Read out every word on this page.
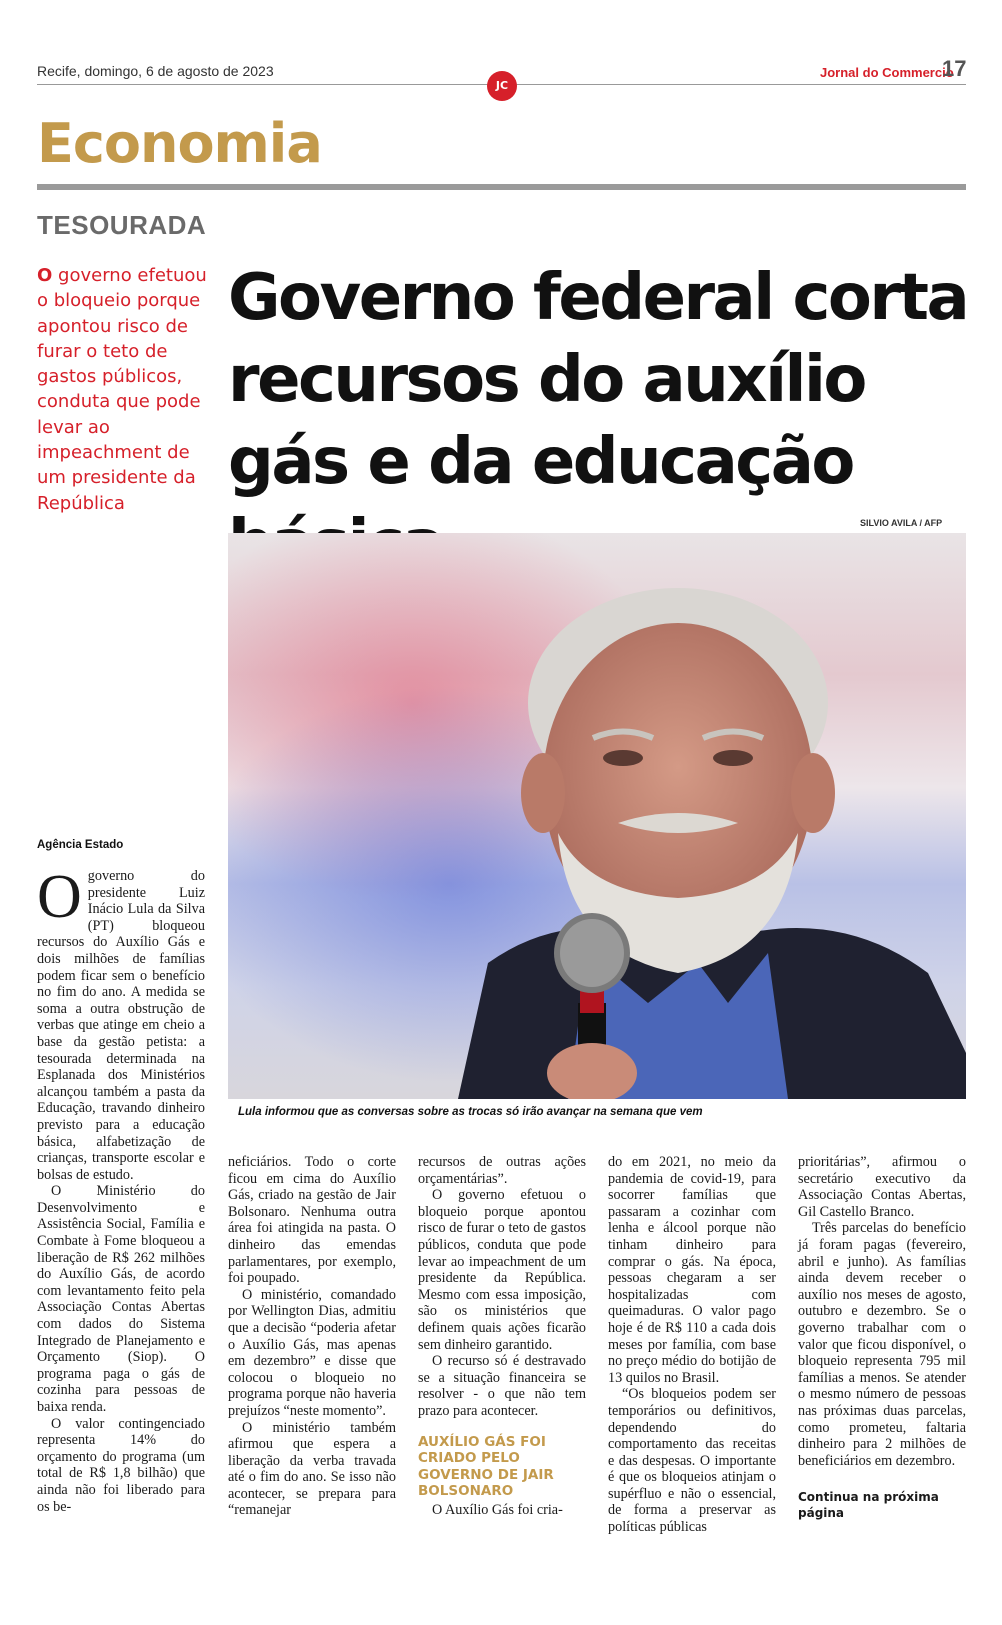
Recife, domingo, 6 de agosto de 2023
JC
Jornal do Commercio
17
Economia
TESOURADA
O governo efetuou o bloqueio porque apontou risco de furar o teto de gastos públicos, conduta que pode levar ao impeachment de um presidente da República
Governo federal corta recursos do auxílio gás e da educação
SILVIO AVILA / AFP
Lula informou que as conversas sobre as trocas só irão avançar na semana que vem
Agência Estado

Ogoverno do presidente Luiz Inácio Lula da Silva (PT) bloqueou recursos do Auxílio Gás e dois milhões de famílias podem ficar sem o benefício no fim do ano. A medida se soma a outra obstrução de verbas que atinge em cheio a base da gestão petista: a tesourada determinada na Esplanada dos Ministérios alcançou também a pasta da Educação, travando dinheiro previsto para a educação básica, alfabetização de crianças, transporte escolar e bolsas de estudo.

O Ministério do Desenvolvimento e Assistência Social, Família e Combate à Fome bloqueou a liberação de R$ 262 milhões do Auxílio Gás, de acordo com levantamento feito pela Associação Contas Abertas com dados do Sistema Integrado de Planejamento e Orçamento (Siop). O programa paga o gás de cozinha para pessoas de baixa renda.

O valor contingenciado representa 14% do orçamento do programa (um total de R$ 1,8 bilhão) que ainda não foi liberado para os be-

neficiários. Todo o corte ficou em cima do Auxílio Gás, criado na gestão de Jair Bolsonaro. Nenhuma outra área foi atingida na pasta. O dinheiro das emendas parlamentares, por exemplo, foi poupado.

O ministério, comandado por Wellington Dias, admitiu que a decisão “poderia afetar o Auxílio Gás, mas apenas em dezembro” e disse que colocou o bloqueio no programa porque não haveria prejuízos “neste momento”.

O ministério também afirmou que espera a liberação da verba travada até o fim do ano. Se isso não acontecer, se prepara para “remanejar

recursos de outras ações orçamentárias”.

O governo efetuou o bloqueio porque apontou risco de furar o teto de gastos públicos, conduta que pode levar ao impeachment de um presidente da República. Mesmo com essa imposição, são os ministérios que definem quais ações ficarão sem dinheiro garantido.

O recurso só é destravado se a situação financeira se resolver - o que não tem prazo para acontecer.

AUXÍLIO GÁS FOI CRIADO PELO GOVERNO DE JAIR BOLSONARO

O Auxílio Gás foi cria-

do em 2021, no meio da pandemia de covid-19, para socorrer famílias que passaram a cozinhar com lenha e álcool porque não tinham dinheiro para comprar o gás. Na época, pessoas chegaram a ser hospitalizadas com queimaduras. O valor pago hoje é de R$ 110 a cada dois meses por família, com base no preço médio do botijão de 13 quilos no Brasil.

“Os bloqueios podem ser temporários ou definitivos, dependendo do comportamento das receitas e das despesas. O importante é que os bloqueios atinjam o supérfluo e não o essencial, de forma a preservar as políticas públicas

prioritárias”, afirmou o secretário executivo da Associação Contas Abertas, Gil Castello Branco.

Três parcelas do benefício já foram pagas (fevereiro, abril e junho). As famílias ainda devem receber o auxílio nos meses de agosto, outubro e dezembro. Se o governo trabalhar com o valor que ficou disponível, o bloqueio representa 795 mil famílias a menos. Se atender o mesmo número de pessoas nas próximas duas parcelas, como prometeu, faltaria dinheiro para 2 milhões de beneficiários em dezembro.

Continua na próxima página
